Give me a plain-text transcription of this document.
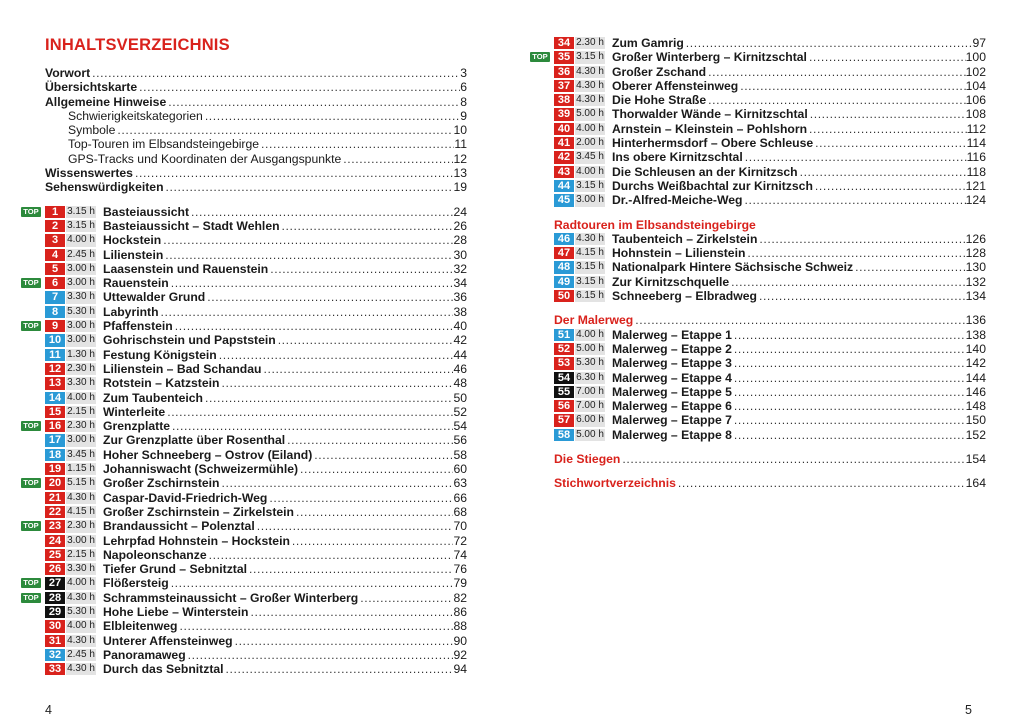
INHALTSVERZEICHNIS
Vorwort .....	3
Übersichtskarte .....	6
Allgemeine Hinweise .....	8
Schwierigkeitskategorien .....	9
Symbole .....	10
Top-Touren im Elbsandsteingebirge .....	11
GPS-Tracks und Koordinaten der Ausgangspunkte .....	12
Wissenswertes .....	13
Sehenswürdigkeiten .....	19
TOP	1 3.15 h Basteiaussicht .....	24
2 3.15 h Basteiaussicht – Stadt Wehlen .....	26
3 4.00 h Hockstein .....	28
4 2.45 h Lilienstein .....	30
5 3.00 h Laasenstein und Rauenstein .....	32
TOP	6 3.00 h Rauenstein .....	34
7 3.30 h Uttewalder Grund .....	36
8 5.30 h Labyrinth .....	38
TOP	9 3.00 h Pfaffenstein .....	40
10 3.00 h Gohrischstein und Papststein .....	42
11 1.30 h Festung Königstein .....	44
12 2.30 h Lilienstein – Bad Schandau .....	46
13 3.30 h Rotstein – Katzstein .....	48
14 4.00 h Zum Taubenteich .....	50
15 2.15 h Winterleite .....	52
TOP 16 2.30 h Grenzplatte .....	54
17 3.00 h Zur Grenzplatte über Rosenthal .....	56
18 3.45 h Hoher Schneeberg – Ostrov (Eiland) .....	58
19 1.15 h Johanniswacht (Schweizermühle) .....	60
TOP 20 5.15 h Großer Zschirnstein .....	63
21 4.30 h Caspar-David-Friedrich-Weg .....	66
22 4.15 h Großer Zschirnstein – Zirkelstein .....	68
TOP 23 2.30 h Brandaussicht – Polenztal .....	70
24 3.00 h Lehrpfad Hohnstein – Hockstein .....	72
25 2.15 h Napoleonschanze .....	74
26 3.30 h Tiefer Grund – Sebnitztal .....	76
TOP 27 4.00 h Flößersteig .....	79
TOP 28 4.30 h Schrammsteinaussicht – Großer Winterberg .....	82
29 5.30 h Hohe Liebe – Winterstein .....	86
30 4.00 h Elbleitenweg .....	88
31 4.30 h Unterer Affensteinweg .....	90
32 2.45 h Panoramaweg .....	92
33 4.30 h Durch das Sebnitztal .....	94
4
34 2.30 h Zum Gamrig .....	97
TOP 35 3.15 h Großer Winterberg – Kirnitzschtal .....	100
36 4.30 h Großer Zschand .....	102
37 4.30 h Oberer Affensteinweg .....	104
38 4.30 h Die Hohe Straße .....	106
39 5.00 h Thorwalder Wände – Kirnitzschtal .....	108
40 4.00 h Arnstein – Kleinstein – Pohlshorn .....	112
41 2.00 h Hinterhermsdorf – Obere Schleuse .....	114
42 3.45 h Ins obere Kirnitzschtal .....	116
43 4.00 h Die Schleusen an der Kirnitzsch .....	118
44 3.15 h Durchs Weißbachtal zur Kirnitzsch .....	121
45 3.00 h Dr.-Alfred-Meiche-Weg .....	124
Radtouren im Elbsandsteingebirge
46 4.30 h Taubenteich – Zirkelstein .....	126
47 4.15 h Hohnstein – Lilienstein .....	128
48 3.15 h Nationalpark Hintere Sächsische Schweiz .....	130
49 3.15 h Zur Kirnitzschquelle .....	132
50 6.15 h Schneeberg – Elbradweg .....	134
Der Malerweg .....	136
51 4.00 h Malerweg – Etappe 1 .....	138
52 5.00 h Malerweg – Etappe 2 .....	140
53 5.30 h Malerweg – Etappe 3 .....	142
54 6.30 h Malerweg – Etappe 4 .....	144
55 7.00 h Malerweg – Etappe 5 .....	146
56 7.00 h Malerweg – Etappe 6 .....	148
57 6.00 h Malerweg – Etappe 7 .....	150
58 5.00 h Malerweg – Etappe 8 .....	152
Die Stiegen .....	154
Stichwortverzeichnis .....	164
5
